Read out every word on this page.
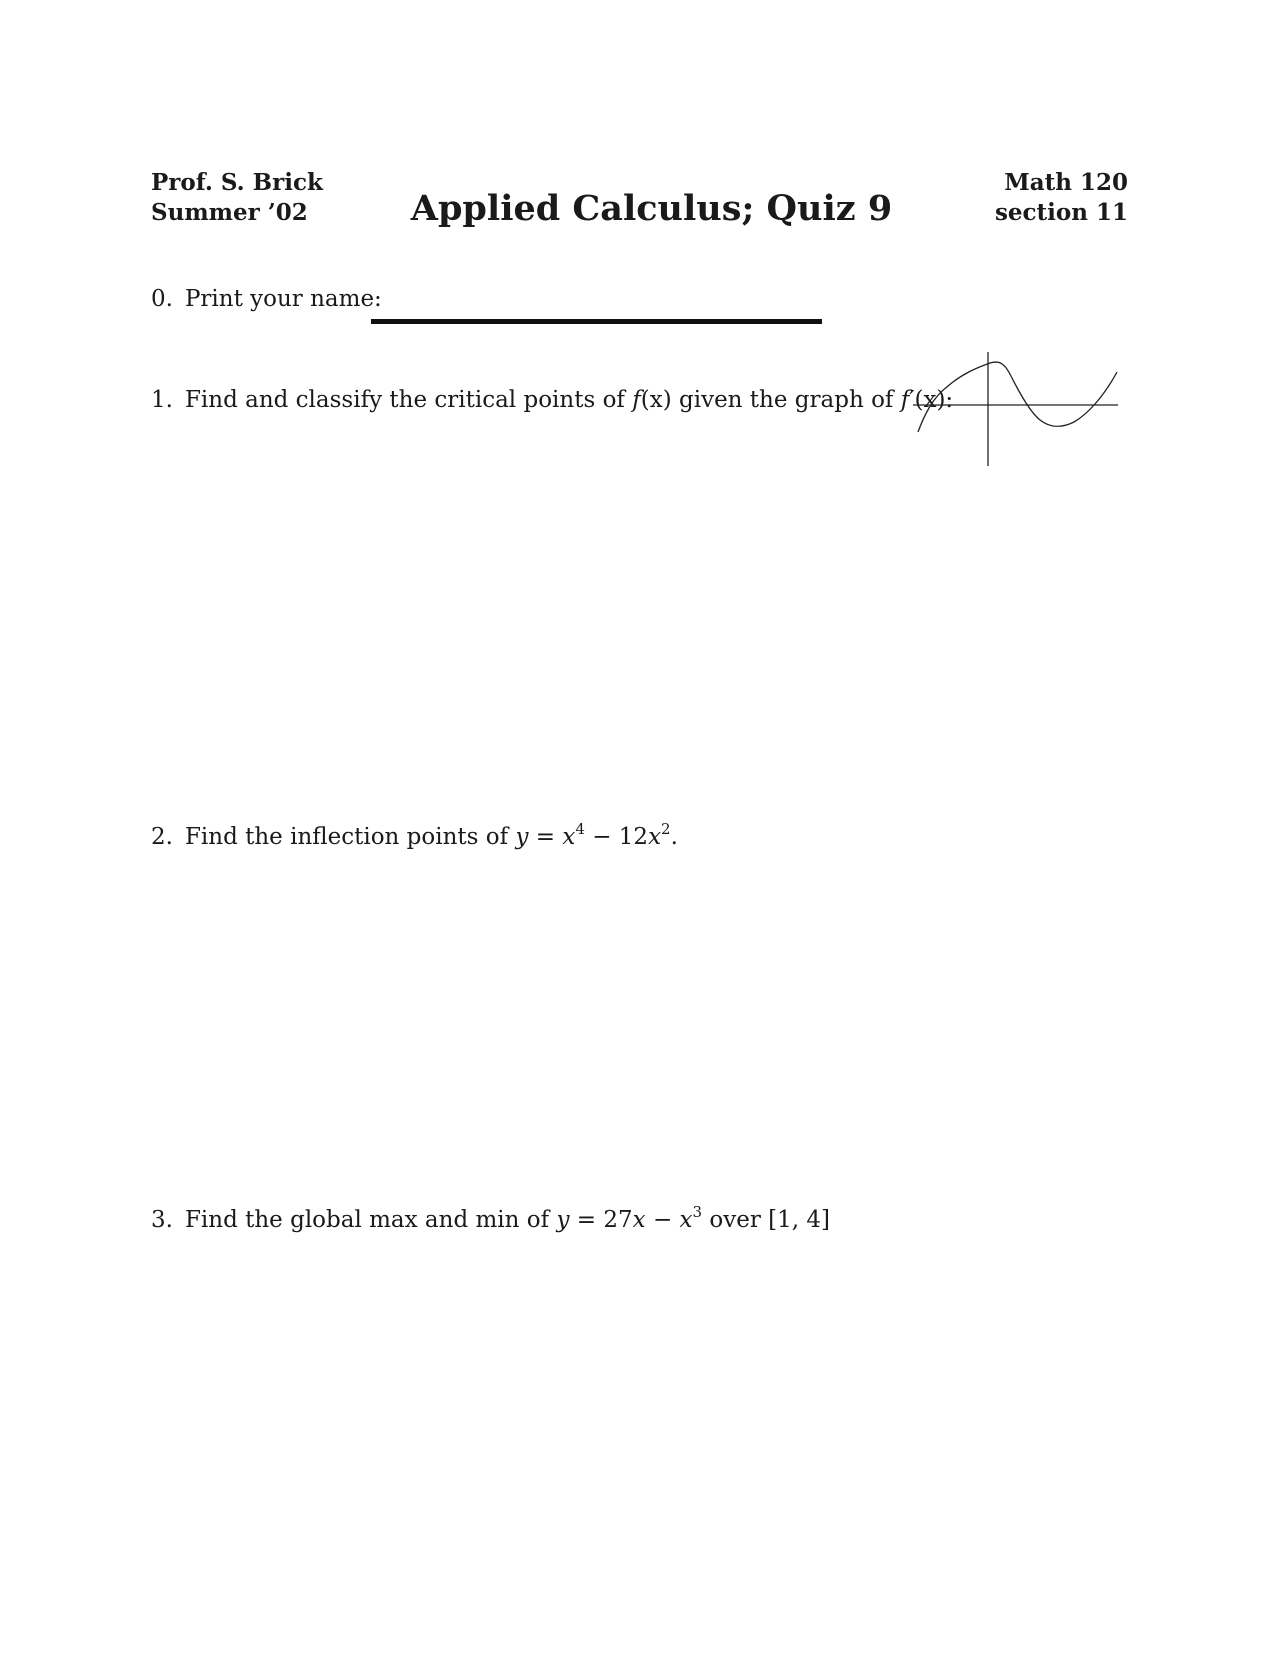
Prof. S. Brick
Summer ’02	Applied Calculus; Quiz 9
Math 120
section 11
0. Print your name:
1. Find and classify the critical points of f(x) given the graph of f′(x):
2. Find the inflection points of $y = x^4 - 12x^2$.
3. Find the global max and min of $y = 27x - x^3$ over [1, 4]
